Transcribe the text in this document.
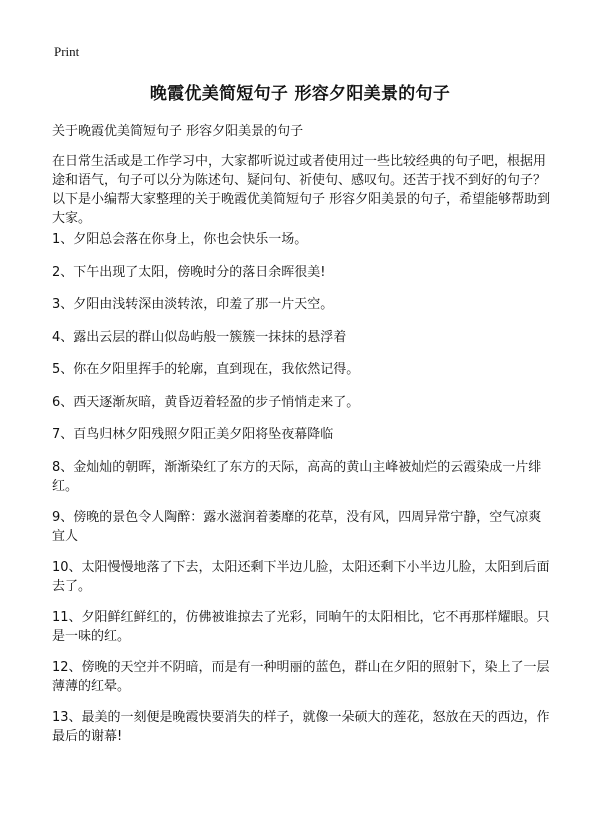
Print
晚霞优美简短句子 形容夕阳美景的句子

关于晚霞优美简短句子 形容夕阳美景的句子

在日常生活或是工作学习中，大家都听说过或者使用过一些比较经典的句子吧，根据用途和语气，句子可以分为陈述句、疑问句、祈使句、感叹句。还苦于找不到好的句子？以下是小编帮大家整理的关于晚霞优美简短句子 形容夕阳美景的句子，希望能够帮助到大家。

1、夕阳总会落在你身上，你也会快乐一场。
2、下午出现了太阳，傍晚时分的落日余晖很美!
3、夕阳由浅转深由淡转浓，印羞了那一片天空。
4、露出云层的群山似岛屿般一簇簇一抹抹的悬浮着
5、你在夕阳里挥手的轮廓，直到现在，我依然记得。
6、西天逐渐灰暗，黄昏迈着轻盈的步子悄悄走来了。
7、百鸟归林夕阳残照夕阳正美夕阳将坠夜幕降临
8、金灿灿的朝晖，渐渐染红了东方的天际，高高的黄山主峰被灿烂的云霞染成一片绯红。
9、傍晚的景色令人陶醉：露水滋润着萎靡的花草，没有风，四周异常宁静，空气凉爽宜人
10、太阳慢慢地落了下去，太阳还剩下半边儿脸，太阳还剩下小半边儿脸，太阳到后面去了。
11、夕阳鲜红鲜红的，仿佛被谁掠去了光彩，同晌午的太阳相比，它不再那样耀眼。只是一味的红。
12、傍晚的天空并不阴暗，而是有一种明丽的蓝色，群山在夕阳的照射下，染上了一层薄薄的红晕。
13、最美的一刻便是晚霞快要消失的样子，就像一朵硕大的莲花，怒放在天的西边，作最后的谢幕!
